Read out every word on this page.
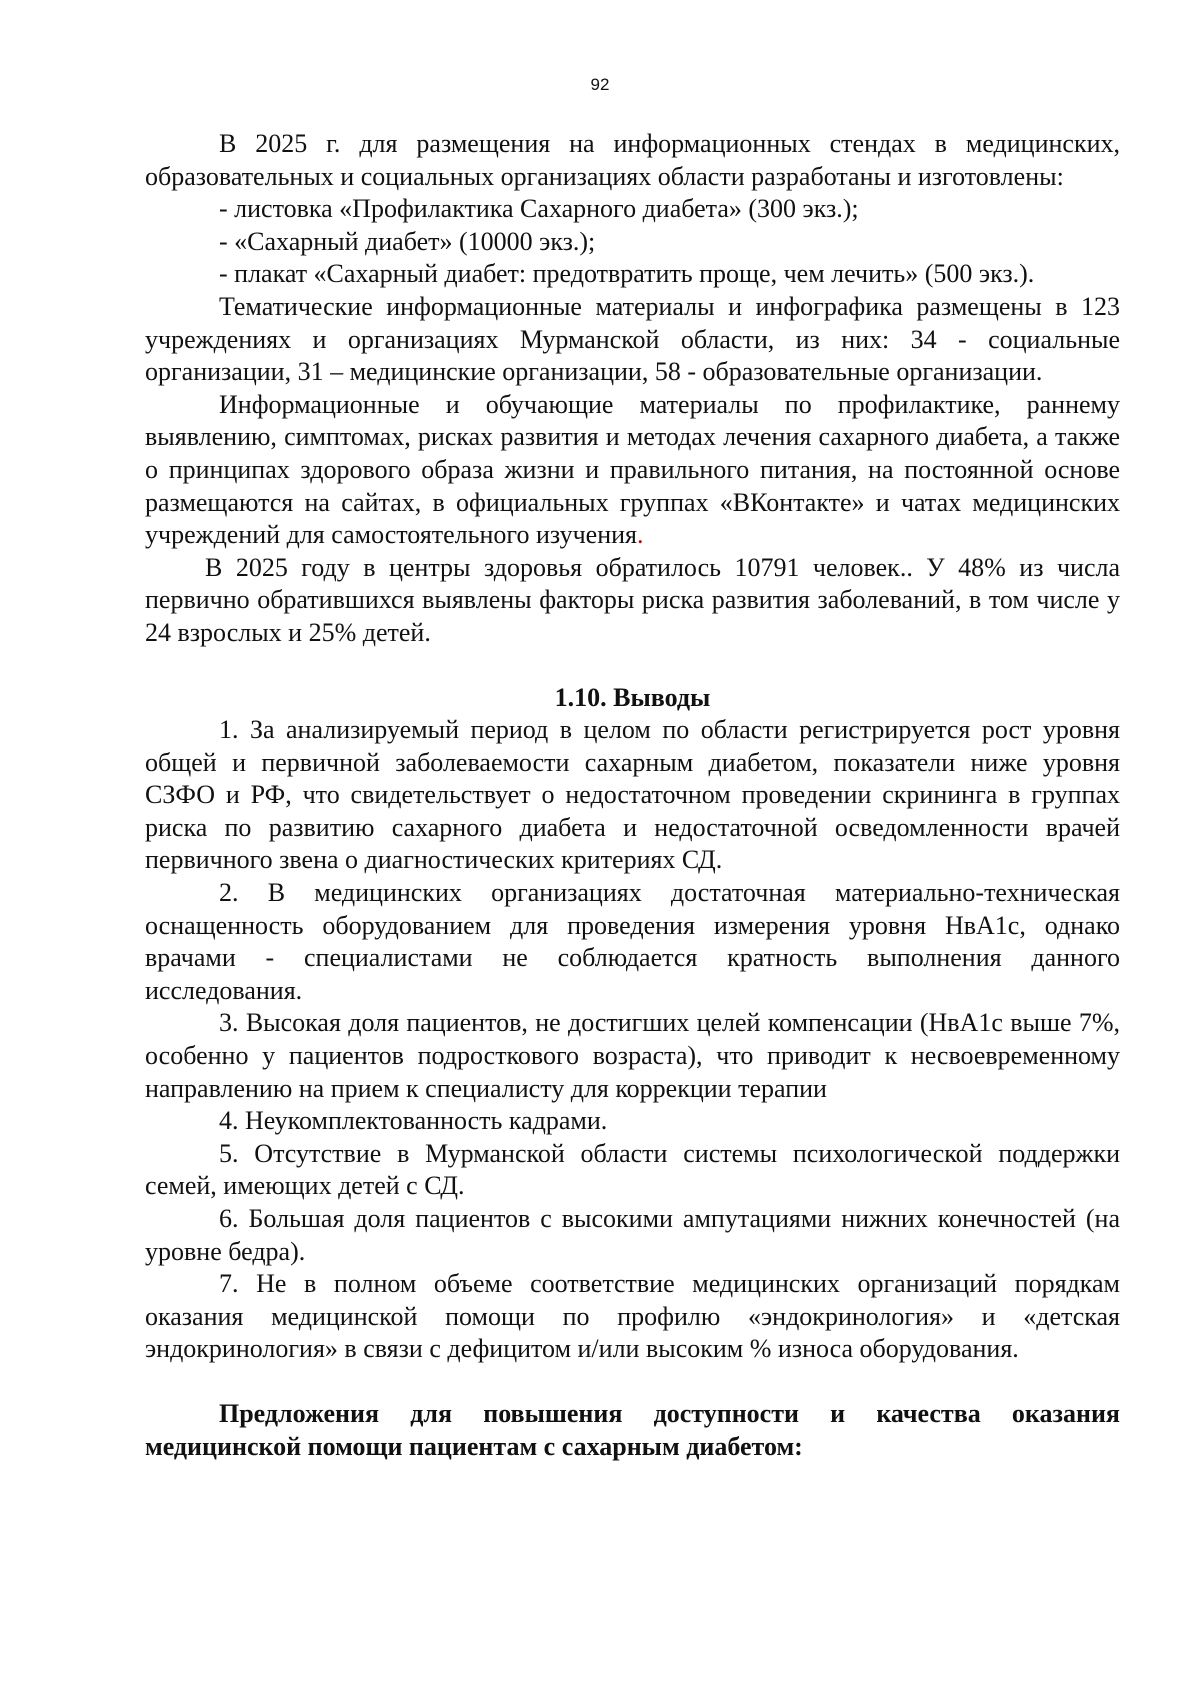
92

В 2025 г. для размещения на информационных стендах в медицинских, образовательных и социальных организациях области разработаны и изготовлены:

- листовка «Профилактика Сахарного диабета» (300 экз.);

- «Сахарный диабет» (10000 экз.);

- плакат «Сахарный диабет: предотвратить проще, чем лечить» (500 экз.).

Тематические информационные материалы и инфографика размещены в 123 учреждениях и организациях Мурманской области, из них: 34 - социальные организации, 31 – медицинские организации, 58 - образовательные организации.

Информационные и обучающие материалы по профилактике, раннему выявлению, симптомах, рисках развития и методах лечения сахарного диабета, а также о принципах здорового образа жизни и правильного питания, на постоянной основе размещаются на сайтах, в официальных группах «ВКонтакте» и чатах медицинских учреждений для самостоятельного изучения.

В 2025 году в центры здоровья обратилось 10791 человек.. У 48% из числа первично обратившихся выявлены факторы риска развития заболеваний, в том числе у 24 взрослых и 25% детей.

1.10. Выводы

1. За анализируемый период в целом по области регистрируется рост уровня общей и первичной заболеваемости сахарным диабетом, показатели ниже уровня СЗФО и РФ, что свидетельствует о недостаточном проведении скрининга в группах риска по развитию сахарного диабета и недостаточной осведомленности врачей первичного звена о диагностических критериях СД.

2. В медицинских организациях достаточная материально-техническая оснащенность оборудованием для проведения измерения уровня НвА1с, однако врачами - специалистами не соблюдается кратность выполнения данного исследования.

3. Высокая доля пациентов, не достигших целей компенсации (НвА1с выше 7%, особенно у пациентов подросткового возраста), что приводит к несвоевременному направлению на прием к специалисту для коррекции терапии

4. Неукомплектованность кадрами.

5. Отсутствие в Мурманской области системы психологической поддержки семей, имеющих детей с СД.

6. Большая доля пациентов с высокими ампутациями нижних конечностей (на уровне бедра).

7. Не в полном объеме соответствие медицинских организаций порядкам оказания медицинской помощи по профилю «эндокринология» и «детская эндокринология» в связи с дефицитом и/или высоким % износа оборудования.

Предложения для повышения доступности и качества оказания медицинской помощи пациентам с сахарным диабетом:
